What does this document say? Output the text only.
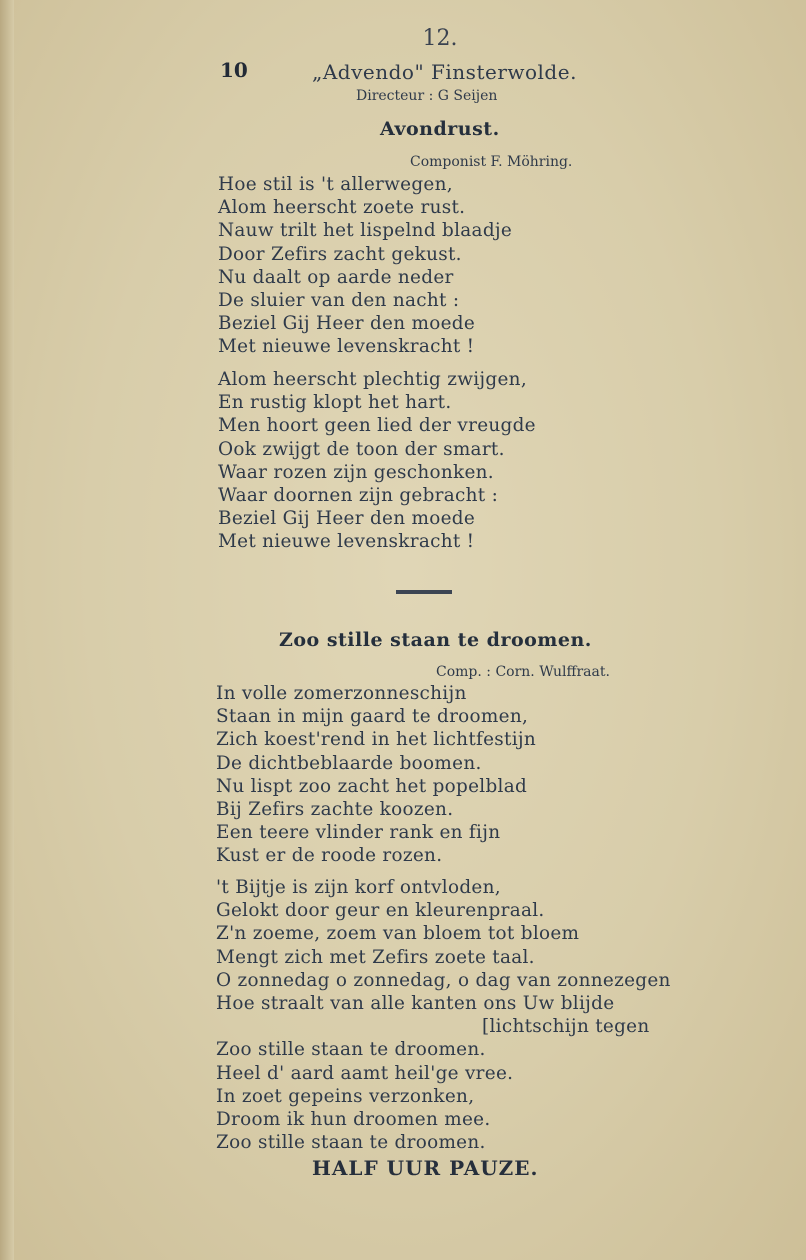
12.
10	„Advendo" Finsterwolde.
Directeur : G Seijen
Avondrust.
Componist F. Möhring.
Hoe stil is 't allerwegen,
Alom heerscht zoete rust.
Nauw trilt het lispelnd blaadje
Door Zefirs zacht gekust.
Nu daalt op aarde neder
De sluier van den nacht :
Beziel Gij Heer den moede
Met nieuwe levenskracht !
Alom heerscht plechtig zwijgen,
En rustig klopt het hart.
Men hoort geen lied der vreugde
Ook zwijgt de toon der smart.
Waar rozen zijn geschonken.
Waar doornen zijn gebracht :
Beziel Gij Heer den moede
Met nieuwe levenskracht !
Zoo stille staan te droomen.
Comp. : Corn. Wulffraat.
In volle zomerzonneschijn
Staan in mijn gaard te droomen,
Zich koest'rend in het lichtfestijn
De dichtbeblaarde boomen.
Nu lispt zoo zacht het popelblad
Bij Zefirs zachte koozen.
Een teere vlinder rank en fijn
Kust er de roode rozen.
't Bijtje is zijn korf ontvloden,
Gelokt door geur en kleurenpraal.
Z'n zoeme, zoem van bloem tot bloem
Mengt zich met Zefirs zoete taal.
O zonnedag o zonnedag, o dag van zonnezegen
Hoe straalt van alle kanten ons Uw blijde
[lichtschijn tegen
Zoo stille staan te droomen.
Heel d' aard aamt heil'ge vree.
In zoet gepeins verzonken,
Droom ik hun droomen mee.
Zoo stille staan te droomen.
HALF UUR PAUZE.
